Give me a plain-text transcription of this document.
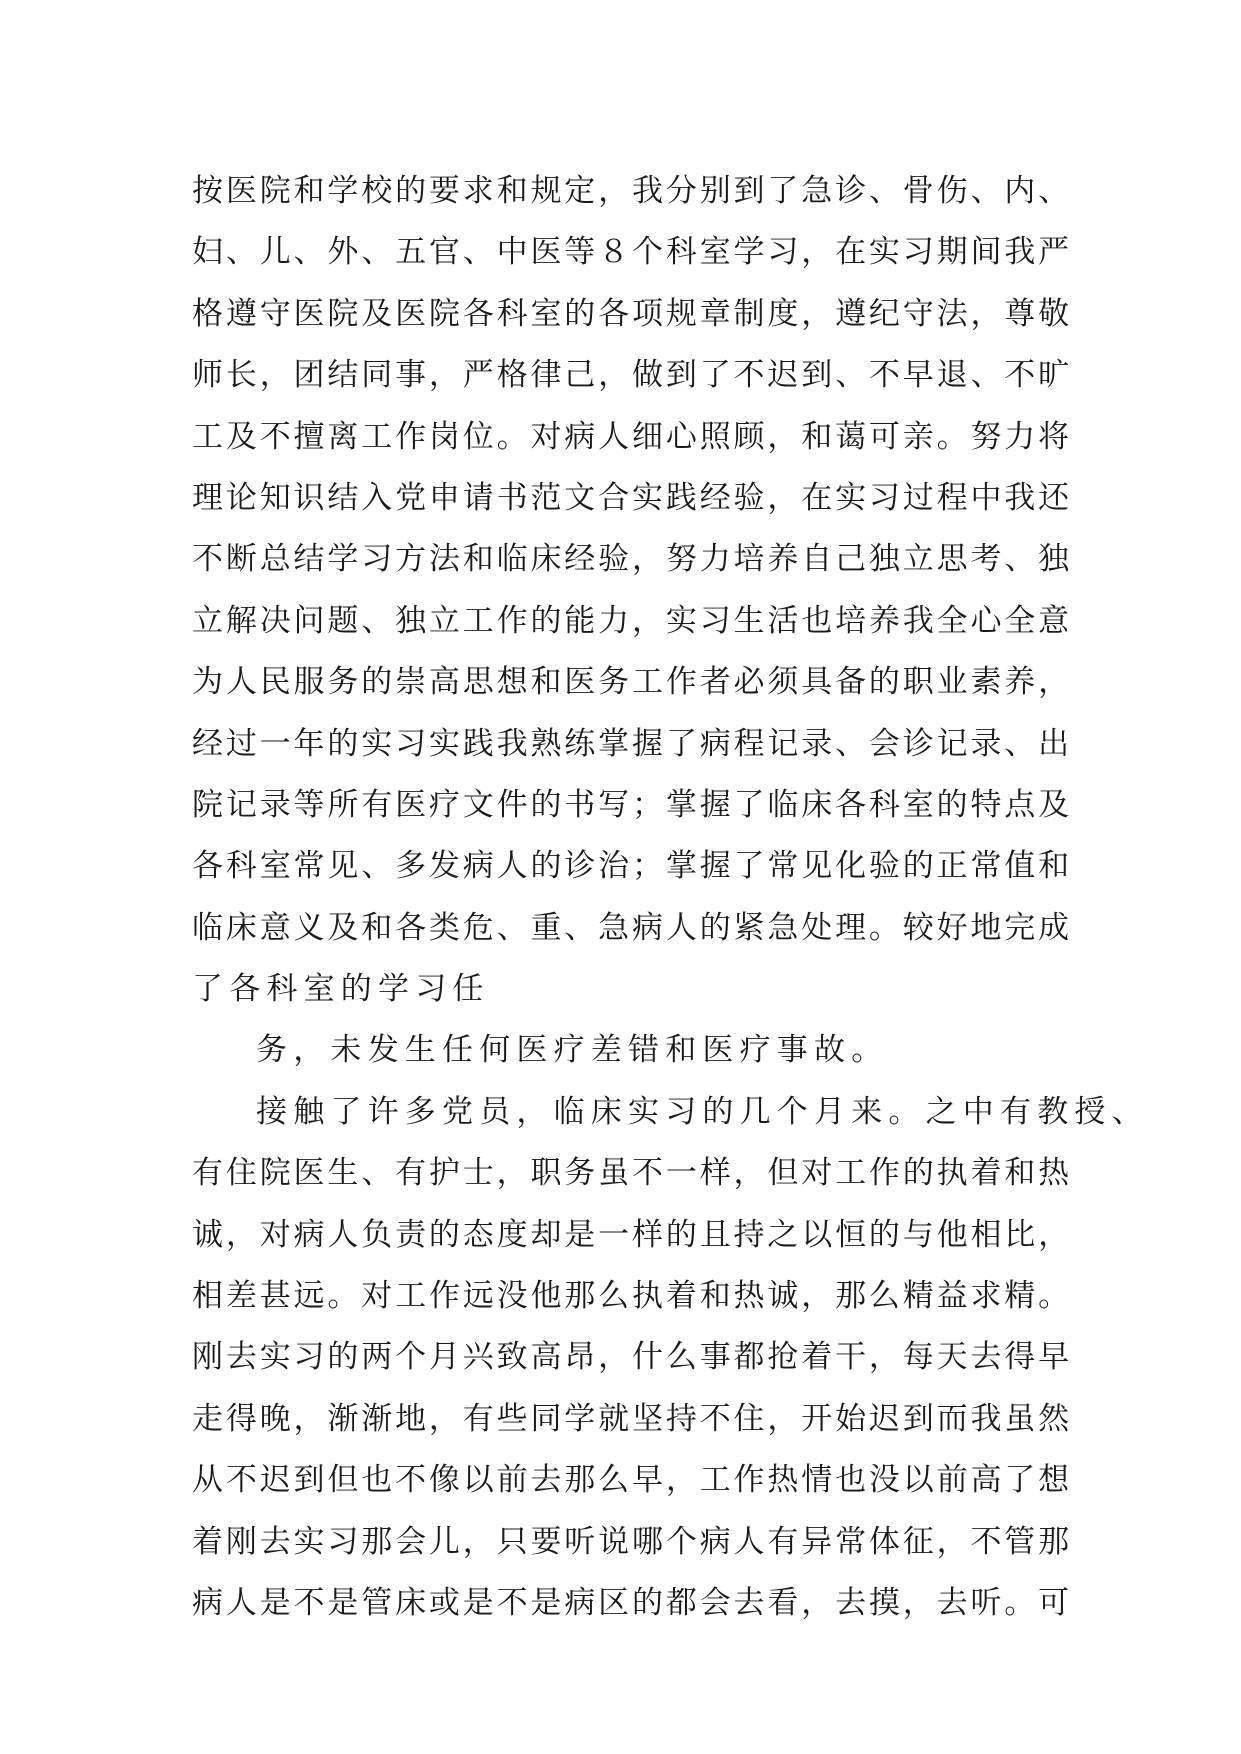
按医院和学校的要求和规定，我分别到了急诊、骨伤、内、
妇、儿、外、五官、中医等８个科室学习，在实习期间我严
格遵守医院及医院各科室的各项规章制度，遵纪守法，尊敬
师长，团结同事，严格律己，做到了不迟到、不早退、不旷
工及不擅离工作岗位。对病人细心照顾，和蔼可亲。努力将
理论知识结入党申请书范文合实践经验，在实习过程中我还
不断总结学习方法和临床经验，努力培养自己独立思考、独
立解决问题、独立工作的能力，实习生活也培养我全心全意
为人民服务的崇高思想和医务工作者必须具备的职业素养，
经过一年的实习实践我熟练掌握了病程记录、会诊记录、出
院记录等所有医疗文件的书写；掌握了临床各科室的特点及
各科室常见、多发病人的诊治；掌握了常见化验的正常值和
临床意义及和各类危、重、急病人的紧急处理。较好地完成
了各科室的学习任
务，未发生任何医疗差错和医疗事故。
接触了许多党员，临床实习的几个月来。之中有教授、
有住院医生、有护士，职务虽不一样，但对工作的执着和热
诚，对病人负责的态度却是一样的且持之以恒的与他相比，
相差甚远。对工作远没他那么执着和热诚，那么精益求精。
刚去实习的两个月兴致高昂，什么事都抢着干，每天去得早
走得晚，渐渐地，有些同学就坚持不住，开始迟到而我虽然
从不迟到但也不像以前去那么早，工作热情也没以前高了想
着刚去实习那会儿，只要听说哪个病人有异常体征，不管那
病人是不是管床或是不是病区的都会去看，去摸，去听。可
